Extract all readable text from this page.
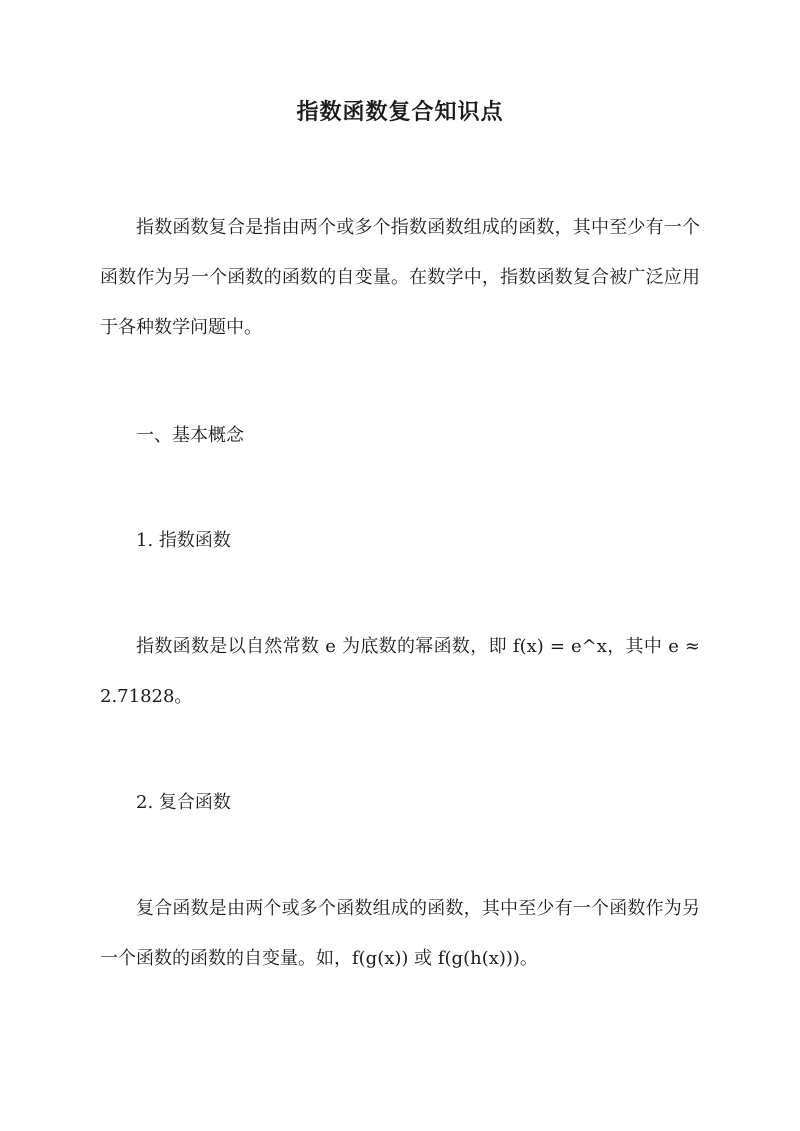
指数函数复合知识点

指数函数复合是指由两个或多个指数函数组成的函数，其中至少有一个函数作为另一个函数的函数的自变量。在数学中，指数函数复合被广泛应用于各种数学问题中。

一、基本概念
1. 指数函数

指数函数是以自然常数 e 为底数的幂函数，即 f(x) = e^x，其中 e ≈ 2.71828。

2. 复合函数

复合函数是由两个或多个函数组成的函数，其中至少有一个函数作为另一个函数的函数的自变量。如，f(g(x)) 或 f(g(h(x)))。
